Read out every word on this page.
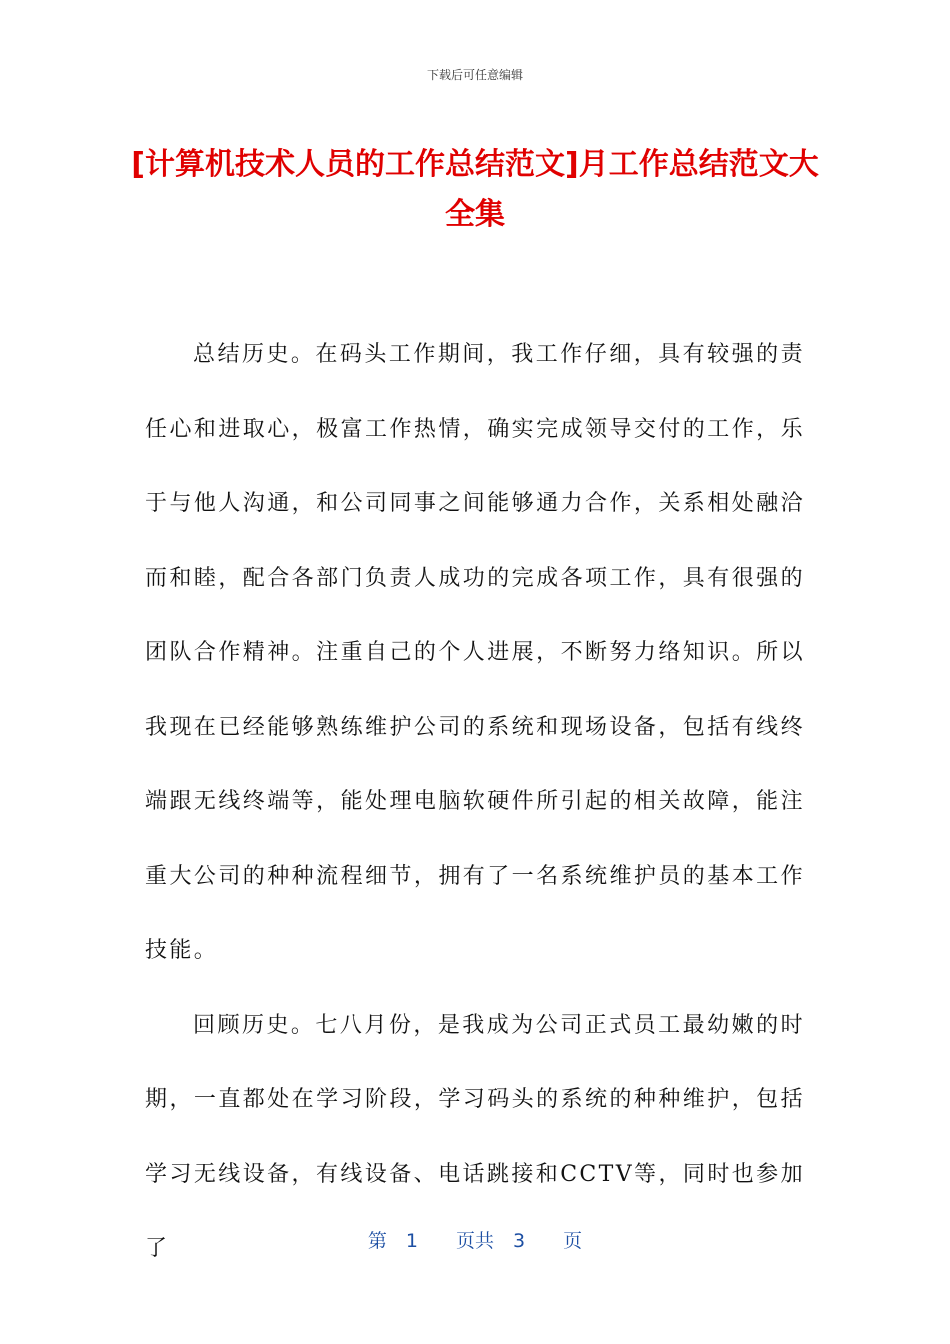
下载后可任意编辑
[计算机技术人员的工作总结范文]月工作总结范文大全集

总结历史。在码头工作期间，我工作仔细，具有较强的责任心和进取心，极富工作热情，确实完成领导交付的工作，乐于与他人沟通，和公司同事之间能够通力合作，关系相处融洽而和睦，配合各部门负责人成功的完成各项工作，具有很强的团队合作精神。注重自己的个人进展，不断努力络知识。所以我现在已经能够熟练维护公司的系统和现场设备，包括有线终端跟无线终端等，能处理电脑软硬件所引起的相关故障，能注重大公司的种种流程细节，拥有了一名系统维护员的基本工作技能。

回顾历史。七八月份，是我成为公司正式员工最幼嫩的时期，一直都处在学习阶段，学习码头的系统的种种维护，包括学习无线设备，有线设备、电话跳接和CCTV等，同时也参加了	第　1　　页共　3　　页
